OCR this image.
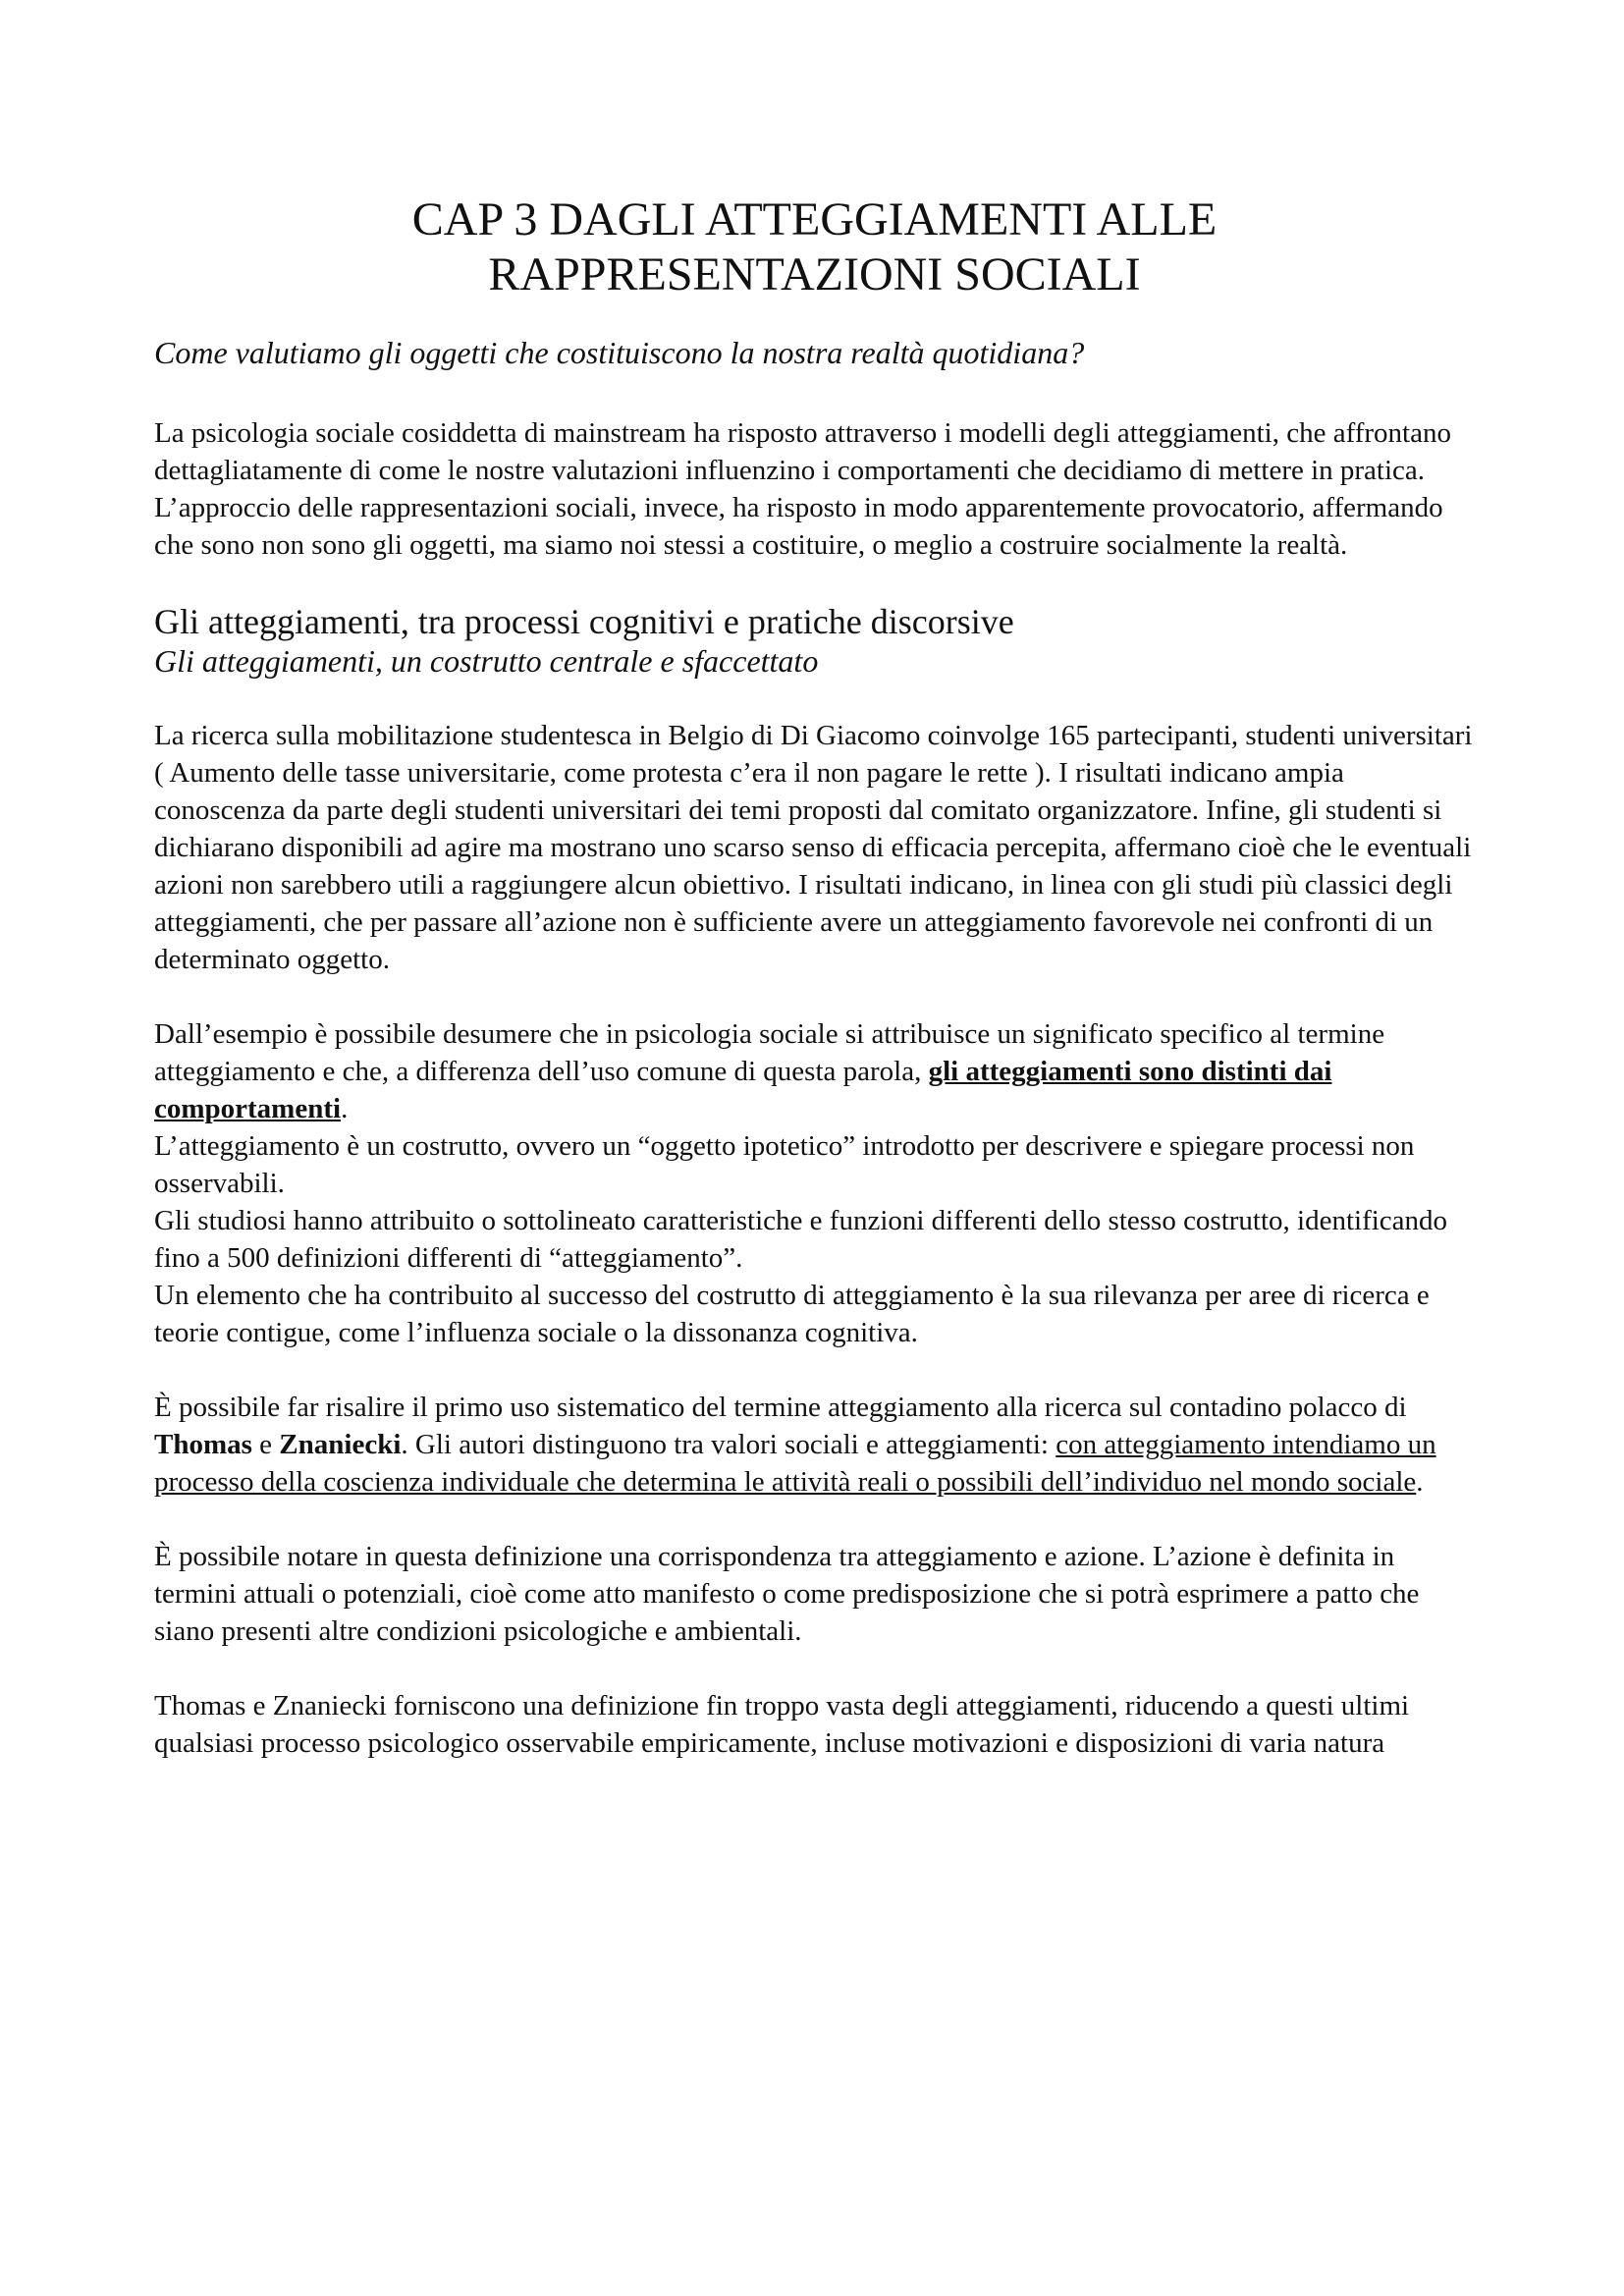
CAP 3 DAGLI ATTEGGIAMENTI ALLE
RAPPRESENTAZIONI SOCIALI

Come valutiamo gli oggetti che costituiscono la nostra realtà quotidiana?

La psicologia sociale cosiddetta di mainstream ha risposto attraverso i modelli degli atteggiamenti, che affrontano dettagliatamente di come le nostre valutazioni influenzino i comportamenti che decidiamo di mettere in pratica. L’approccio delle rappresentazioni sociali, invece, ha risposto in modo apparentemente provocatorio, affermando che sono non sono gli oggetti, ma siamo noi stessi a costituire, o meglio a costruire socialmente la realtà.

Gli atteggiamenti, tra processi cognitivi e pratiche discorsive
Gli atteggiamenti, un costrutto centrale e sfaccettato

La ricerca sulla mobilitazione studentesca in Belgio di Di Giacomo coinvolge 165 partecipanti, studenti universitari ( Aumento delle tasse universitarie, come protesta c’era il non pagare le rette ). I risultati indicano ampia conoscenza da parte degli studenti universitari dei temi proposti dal comitato organizzatore. Infine, gli studenti si dichiarano disponibili ad agire ma mostrano uno scarso senso di efficacia percepita, affermano cioè che le eventuali azioni non sarebbero utili a raggiungere alcun obiettivo. I risultati indicano, in linea con gli studi più classici degli atteggiamenti, che per passare all’azione non è sufficiente avere un atteggiamento favorevole nei confronti di un determinato oggetto.

Dall’esempio è possibile desumere che in psicologia sociale si attribuisce un significato specifico al termine atteggiamento e che, a differenza dell’uso comune di questa parola, gli atteggiamenti sono distinti dai comportamenti.

L’atteggiamento è un costrutto, ovvero un “oggetto ipotetico” introdotto per descrivere e spiegare processi non osservabili.

Gli studiosi hanno attribuito o sottolineato caratteristiche e funzioni differenti dello stesso costrutto, identificando fino a 500 definizioni differenti di “atteggiamento”.

Un elemento che ha contribuito al successo del costrutto di atteggiamento è la sua rilevanza per aree di ricerca e teorie contigue, come l’influenza sociale o la dissonanza cognitiva.

È possibile far risalire il primo uso sistematico del termine atteggiamento alla ricerca sul contadino polacco di Thomas e Znaniecki. Gli autori distinguono tra valori sociali e atteggiamenti: con atteggiamento intendiamo un processo della coscienza individuale che determina le attività reali o possibili dell’individuo nel mondo sociale.

È possibile notare in questa definizione una corrispondenza tra atteggiamento e azione. L’azione è definita in termini attuali o potenziali, cioè come atto manifesto o come predisposizione che si potrà esprimere a patto che siano presenti altre condizioni psicologiche e ambientali.

Thomas e Znaniecki forniscono una definizione fin troppo vasta degli atteggiamenti, riducendo a questi ultimi qualsiasi processo psicologico osservabile empiricamente, incluse motivazioni e disposizioni di varia natura
